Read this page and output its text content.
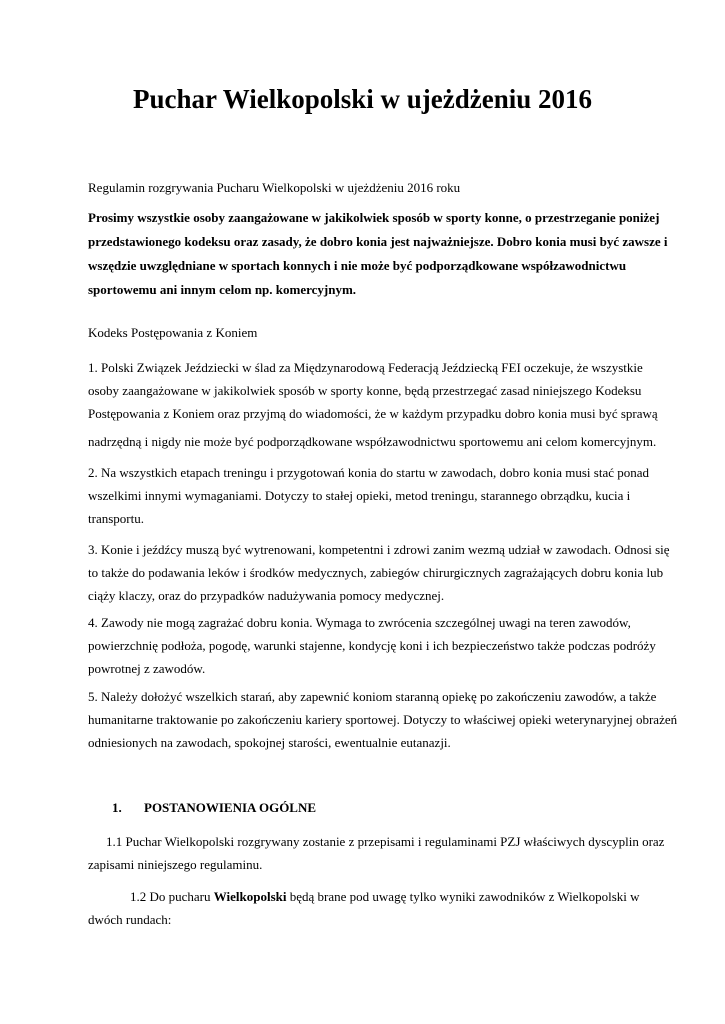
Puchar Wielkopolski w ujeżdżeniu 2016

Regulamin rozgrywania Pucharu Wielkopolski w ujeżdżeniu 2016 roku

Prosimy wszystkie osoby zaangażowane w jakikolwiek sposób w sporty konne, o przestrzeganie poniżej
przedstawionego kodeksu oraz zasady, że dobro konia jest najważniejsze. Dobro konia musi być zawsze i
wszędzie uwzględniane w sportach konnych i nie może być podporządkowane współzawodnictwu
sportowemu ani innym celom np. komercyjnym.

Kodeks Postępowania z Koniem

1. Polski Związek Jeździecki w ślad za Międzynarodową Federacją Jeździecką FEI oczekuje, że wszystkie
osoby zaangażowane w jakikolwiek sposób w sporty konne, będą przestrzegać zasad niniejszego Kodeksu
Postępowania z Koniem oraz przyjmą do wiadomości, że w każdym przypadku dobro konia musi być sprawą

nadrzędną i nigdy nie może być podporządkowane współzawodnictwu sportowemu ani celom komercyjnym.

2. Na wszystkich etapach treningu i przygotowań konia do startu w zawodach, dobro konia musi stać ponad
wszelkimi innymi wymaganiami. Dotyczy to stałej opieki, metod treningu, starannego obrządku, kucia i
transportu.

3. Konie i jeźdźcy muszą być wytrenowani, kompetentni i zdrowi zanim wezmą udział w zawodach. Odnosi się
to także do podawania leków i środków medycznych, zabiegów chirurgicznych zagrażających dobru konia lub
ciąży klaczy, oraz do przypadków nadużywania pomocy medycznej.

4. Zawody nie mogą zagrażać dobru konia. Wymaga to zwrócenia szczególnej uwagi na teren zawodów,
powierzchnię podłoża, pogodę, warunki stajenne, kondycję koni i ich bezpieczeństwo także podczas podróży
powrotnej z zawodów.

5. Należy dołożyć wszelkich starań, aby zapewnić koniom staranną opiekę po zakończeniu zawodów, a także
humanitarne traktowanie po zakończeniu kariery sportowej. Dotyczy to właściwej opieki weterynaryjnej obrażeń
odniesionych na zawodach, spokojnej starości, ewentualnie eutanazji.

1. POSTANOWIENIA OGÓLNE

1.1 Puchar Wielkopolski rozgrywany zostanie z przepisami i regulaminami PZJ właściwych dyscyplin oraz
zapisami niniejszego regulaminu.

1.2 Do pucharu Wielkopolski będą brane pod uwagę tylko wyniki zawodników z Wielkopolski w
dwóch rundach:
